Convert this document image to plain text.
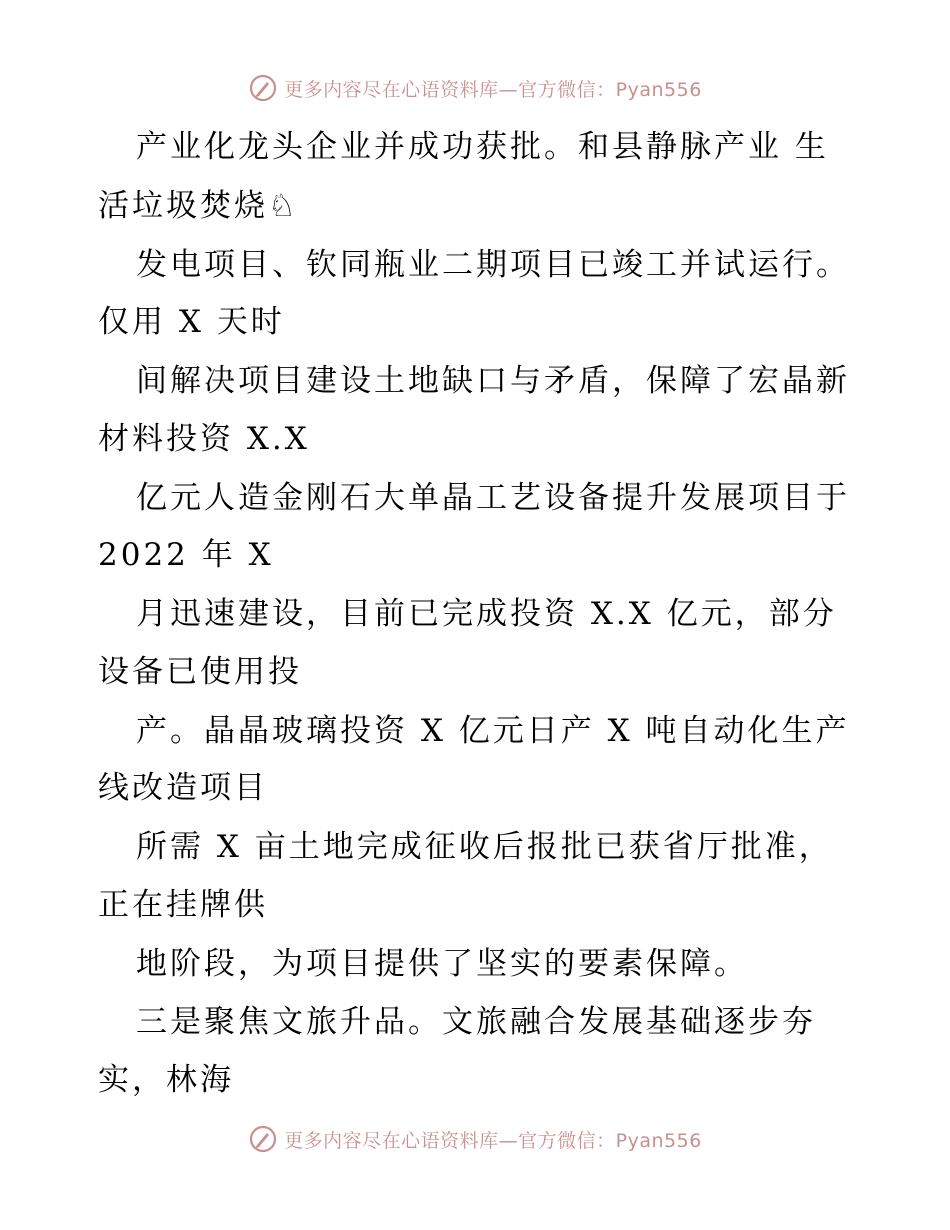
更多内容尽在心语资料库—官方微信：Pyan556
产业化龙头企业并成功获批。和县静脉产业 生
活垃圾焚烧♘
发电项目、钦同瓶业二期项目已竣工并试运行。
仅用 X 天时
间解决项目建设土地缺口与矛盾，保障了宏晶新
材料投资 X.X
亿元人造金刚石大单晶工艺设备提升发展项目于
2022 年 X
月迅速建设，目前已完成投资 X.X 亿元，部分
设备已使用投
产。晶晶玻璃投资 X 亿元日产 X 吨自动化生产
线改造项目
所需 X 亩土地完成征收后报批已获省厅批准，
正在挂牌供
地阶段，为项目提供了坚实的要素保障。
三是聚焦文旅升品。文旅融合发展基础逐步夯
实，林海
更多内容尽在心语资料库—官方微信：Pyan556
